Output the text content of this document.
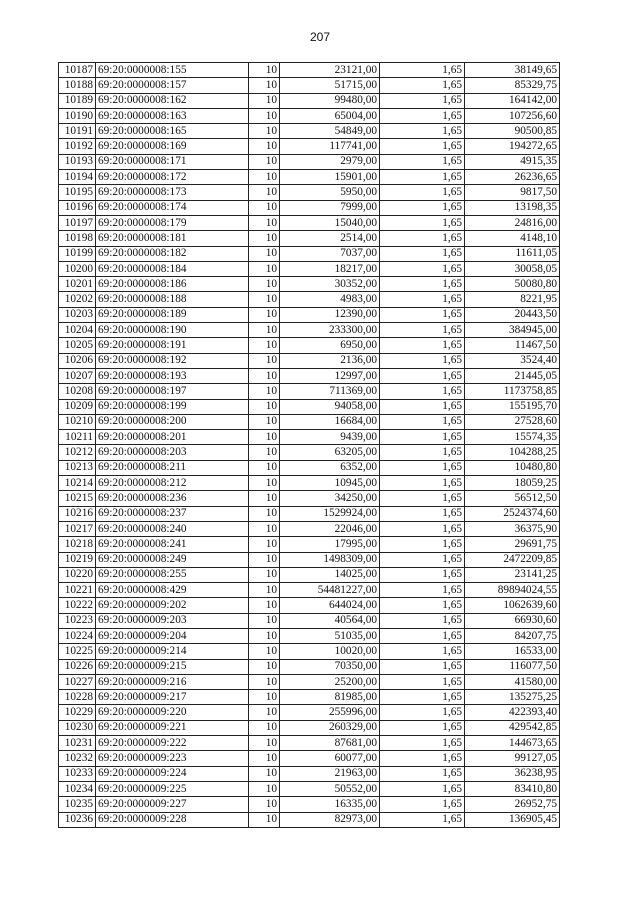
207
10187	69:20:0000008:155	10	23121,00	1,65	38149,65
10188	69:20:0000008:157	10	51715,00	1,65	85329,75
10189	69:20:0000008:162	10	99480,00	1,65	164142,00
10190	69:20:0000008:163	10	65004,00	1,65	107256,60
10191	69:20:0000008:165	10	54849,00	1,65	90500,85
10192	69:20:0000008:169	10	117741,00	1,65	194272,65
10193	69:20:0000008:171	10	2979,00	1,65	4915,35
10194	69:20:0000008:172	10	15901,00	1,65	26236,65
10195	69:20:0000008:173	10	5950,00	1,65	9817,50
10196	69:20:0000008:174	10	7999,00	1,65	13198,35
10197	69:20:0000008:179	10	15040,00	1,65	24816,00
10198	69:20:0000008:181	10	2514,00	1,65	4148,10
10199	69:20:0000008:182	10	7037,00	1,65	11611,05
10200	69:20:0000008:184	10	18217,00	1,65	30058,05
10201	69:20:0000008:186	10	30352,00	1,65	50080,80
10202	69:20:0000008:188	10	4983,00	1,65	8221,95
10203	69:20:0000008:189	10	12390,00	1,65	20443,50
10204	69:20:0000008:190	10	233300,00	1,65	384945,00
10205	69:20:0000008:191	10	6950,00	1,65	11467,50
10206	69:20:0000008:192	10	2136,00	1,65	3524,40
10207	69:20:0000008:193	10	12997,00	1,65	21445,05
10208	69:20:0000008:197	10	711369,00	1,65	1173758,85
10209	69:20:0000008:199	10	94058,00	1,65	155195,70
10210	69:20:0000008:200	10	16684,00	1,65	27528,60
10211	69:20:0000008:201	10	9439,00	1,65	15574,35
10212	69:20:0000008:203	10	63205,00	1,65	104288,25
10213	69:20:0000008:211	10	6352,00	1,65	10480,80
10214	69:20:0000008:212	10	10945,00	1,65	18059,25
10215	69:20:0000008:236	10	34250,00	1,65	56512,50
10216	69:20:0000008:237	10	1529924,00	1,65	2524374,60
10217	69:20:0000008:240	10	22046,00	1,65	36375,90
10218	69:20:0000008:241	10	17995,00	1,65	29691,75
10219	69:20:0000008:249	10	1498309,00	1,65	2472209,85
10220	69:20:0000008:255	10	14025,00	1,65	23141,25
10221	69:20:0000008:429	10	54481227,00	1,65	89894024,55
10222	69:20:0000009:202	10	644024,00	1,65	1062639,60
10223	69:20:0000009:203	10	40564,00	1,65	66930,60
10224	69:20:0000009:204	10	51035,00	1,65	84207,75
10225	69:20:0000009:214	10	10020,00	1,65	16533,00
10226	69:20:0000009:215	10	70350,00	1,65	116077,50
10227	69:20:0000009:216	10	25200,00	1,65	41580,00
10228	69:20:0000009:217	10	81985,00	1,65	135275,25
10229	69:20:0000009:220	10	255996,00	1,65	422393,40
10230	69:20:0000009:221	10	260329,00	1,65	429542,85
10231	69:20:0000009:222	10	87681,00	1,65	144673,65
10232	69:20:0000009:223	10	60077,00	1,65	99127,05
10233	69:20:0000009:224	10	21963,00	1,65	36238,95
10234	69:20:0000009:225	10	50552,00	1,65	83410,80
10235	69:20:0000009:227	10	16335,00	1,65	26952,75
10236	69:20:0000009:228	10	82973,00	1,65	136905,45
